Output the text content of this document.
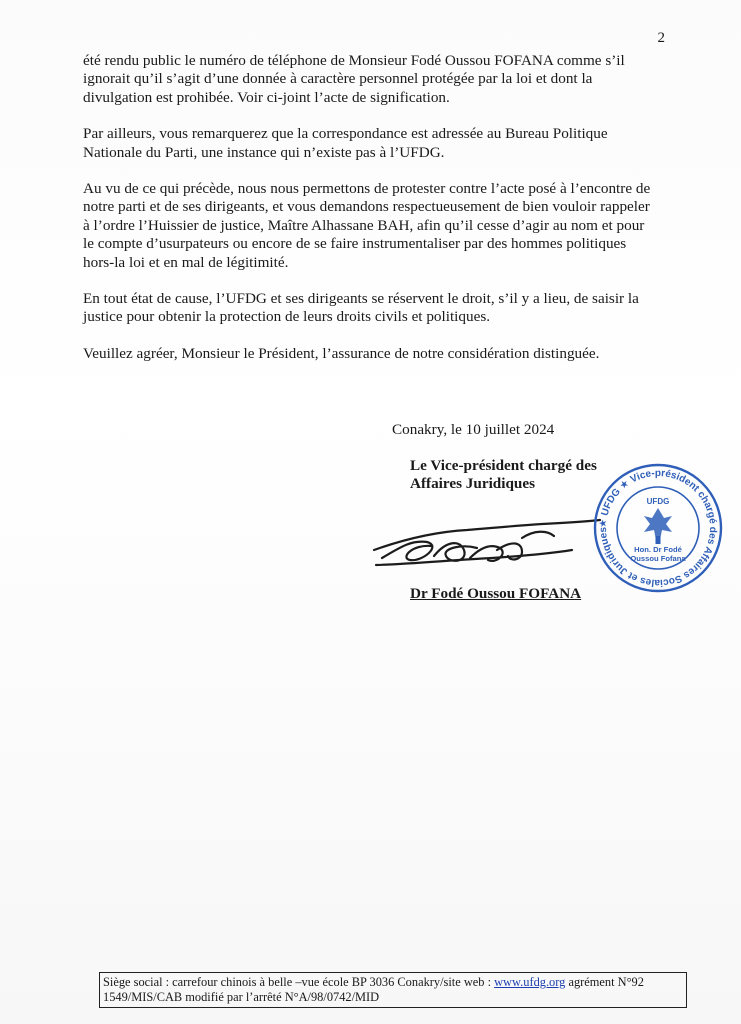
2

été rendu public le numéro de téléphone de Monsieur Fodé Oussou FOFANA comme s’il ignorait qu’il s’agit d’une donnée à caractère personnel protégée par la loi et dont la divulgation est prohibée. Voir ci-joint l’acte de signification.

Par ailleurs, vous remarquerez que la correspondance est adressée au Bureau Politique Nationale du Parti, une instance qui n’existe pas à l’UFDG.

Au vu de ce qui précède, nous nous permettons de protester contre l’acte posé à l’encontre de notre parti et de ses dirigeants, et vous demandons respectueusement de bien vouloir rappeler à l’ordre l’Huissier de justice, Maître Alhassane BAH, afin qu’il cesse d’agir au nom et pour le compte d’usurpateurs ou encore de se faire instrumentaliser par des hommes politiques hors-la loi et en mal de légitimité.

En tout état de cause, l’UFDG et ses dirigeants se réservent le droit, s’il y a lieu, de saisir la justice pour obtenir la protection de leurs droits civils et politiques.

Veuillez agréer, Monsieur le Président, l’assurance de notre considération distinguée.

Conakry, le 10 juillet 2024
Le Vice-président chargé des
Affaires Juridiques
★ UFDG ★ Vice-président chargé des Affaires Sociales et Juridiques
UFDG
Hon. Dr Fodé
Oussou Fofana
Dr Fodé Oussou FOFANA
Siège social : carrefour chinois à belle –vue école BP 3036 Conakry/site web : www.ufdg.org agrément N°92
1549/MIS/CAB modifié par l’arrêté N°A/98/0742/MID
